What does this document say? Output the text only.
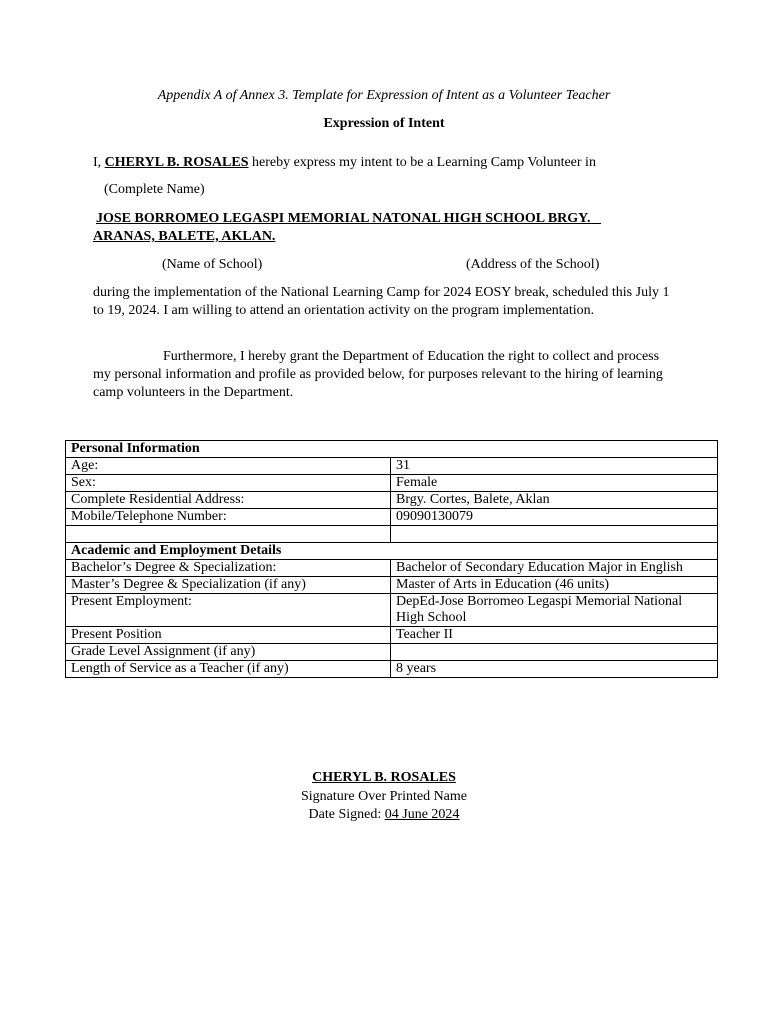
Appendix A of Annex 3. Template for Expression of Intent as a Volunteer Teacher
Expression of Intent
I, CHERYL B. ROSALES hereby express my intent to be a Learning Camp Volunteer in
(Complete Name)
JOSE BORROMEO LEGASPI MEMORIAL NATONAL HIGH SCHOOL BRGY.
ARANAS, BALETE, AKLAN.
(Name of School)	(Address of the School)
during the implementation of the National Learning Camp for 2024 EOSY break, scheduled this July 1 to 19, 2024. I am willing to attend an orientation activity on the program implementation.
Furthermore, I hereby grant the Department of Education the right to collect and process my personal information and profile as provided below, for purposes relevant to the hiring of learning camp volunteers in the Department.
Personal Information	
Age:	31
Sex:	Female
Complete Residential Address:	Brgy. Cortes, Balete, Aklan
Mobile/Telephone Number:	09090130079

Academic and Employment Details	
Bachelor’s Degree & Specialization:	Bachelor of Secondary Education Major in English
Master’s Degree & Specialization (if any)	Master of Arts in Education (46 units)
Present Employment:	DepEd-Jose Borromeo Legaspi Memorial National High School
Present Position	Teacher II
Grade Level Assignment (if any)	
Length of Service as a Teacher (if any)	8 years
CHERYL B. ROSALES
Signature Over Printed Name
Date Signed: 04 June 2024
